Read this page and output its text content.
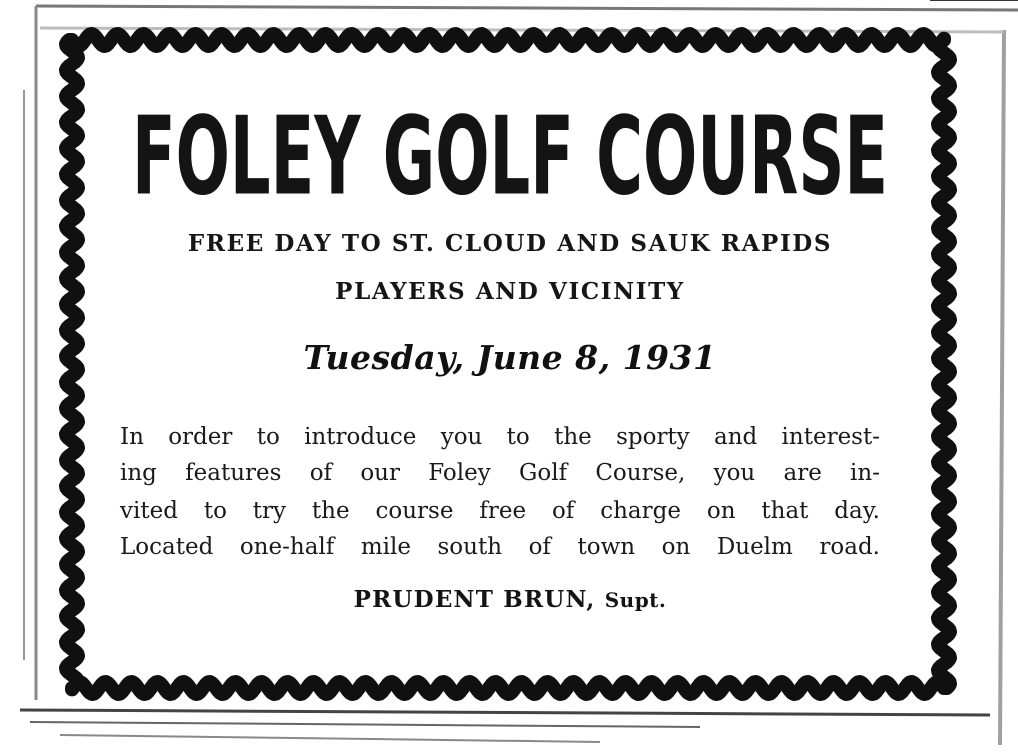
FOLEY GOLF COURSE
FREE DAY TO ST. CLOUD AND SAUK RAPIDS
PLAYERS AND VICINITY
Tuesday, June 8, 1931
In order to introduce you to the sporty and interest-
ing features of our Foley Golf Course, you are in-
vited to try the course free of charge on that day.
Located one-half mile south of town on Duelm road.
PRUDENT BRUN, Supt.
